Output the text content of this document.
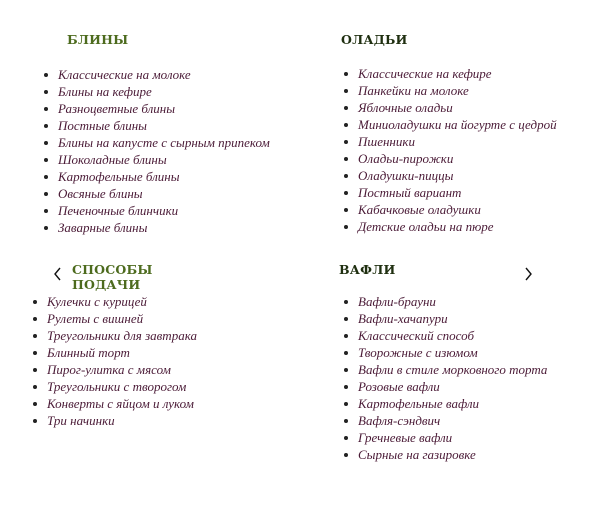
БЛИНЫ
Классические на молоке
Блины на кефире
Разноцветные блины
Постные блины
Блины на капусте с сырным припеком
Шоколадные блины
Картофельные блины
Овсяные блины
Печеночные блинчики
Заварные блины
ОЛАДЬИ
Классические на кефире
Панкейки на молоке
Яблочные оладьи
Миниоладушки на йогурте с цедрой
Пшенники
Оладьи-пирожки
Оладушки-пиццы
Постный вариант
Кабачковые оладушки
Детские оладьи на пюре
СПОСОБЫ ПОДАЧИ
Кулечки с курицей
Рулеты с вишней
Треугольники для завтрака
Блинный торт
Пирог-улитка с мясом
Треугольники с творогом
Конверты с яйцом и луком
Три начинки
ВАФЛИ
Вафли-брауни
Вафли-хачапури
Классический способ
Творожные с изюмом
Вафли в стиле морковного торта
Розовые вафли
Картофельные вафли
Вафля-сэндвич
Гречневые вафли
Сырные на газировке
